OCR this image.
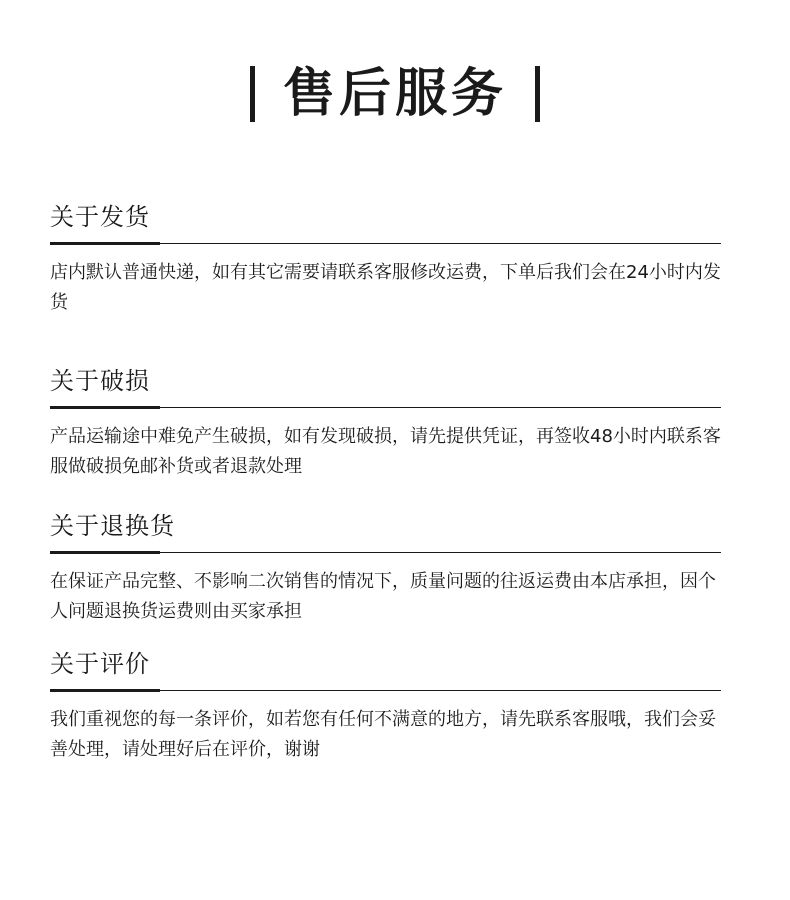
售后服务
关于发货

店内默认普通快递，如有其它需要请联系客服修改运费，下单后我们会在24小时内发货

关于破损

产品运输途中难免产生破损，如有发现破损，请先提供凭证，再签收48小时内联系客服做破损免邮补货或者退款处理

关于退换货

在保证产品完整、不影响二次销售的情况下，质量问题的往返运费由本店承担，因个人问题退换货运费则由买家承担

关于评价

我们重视您的每一条评价，如若您有任何不满意的地方，请先联系客服哦，我们会妥善处理，请处理好后在评价，谢谢
